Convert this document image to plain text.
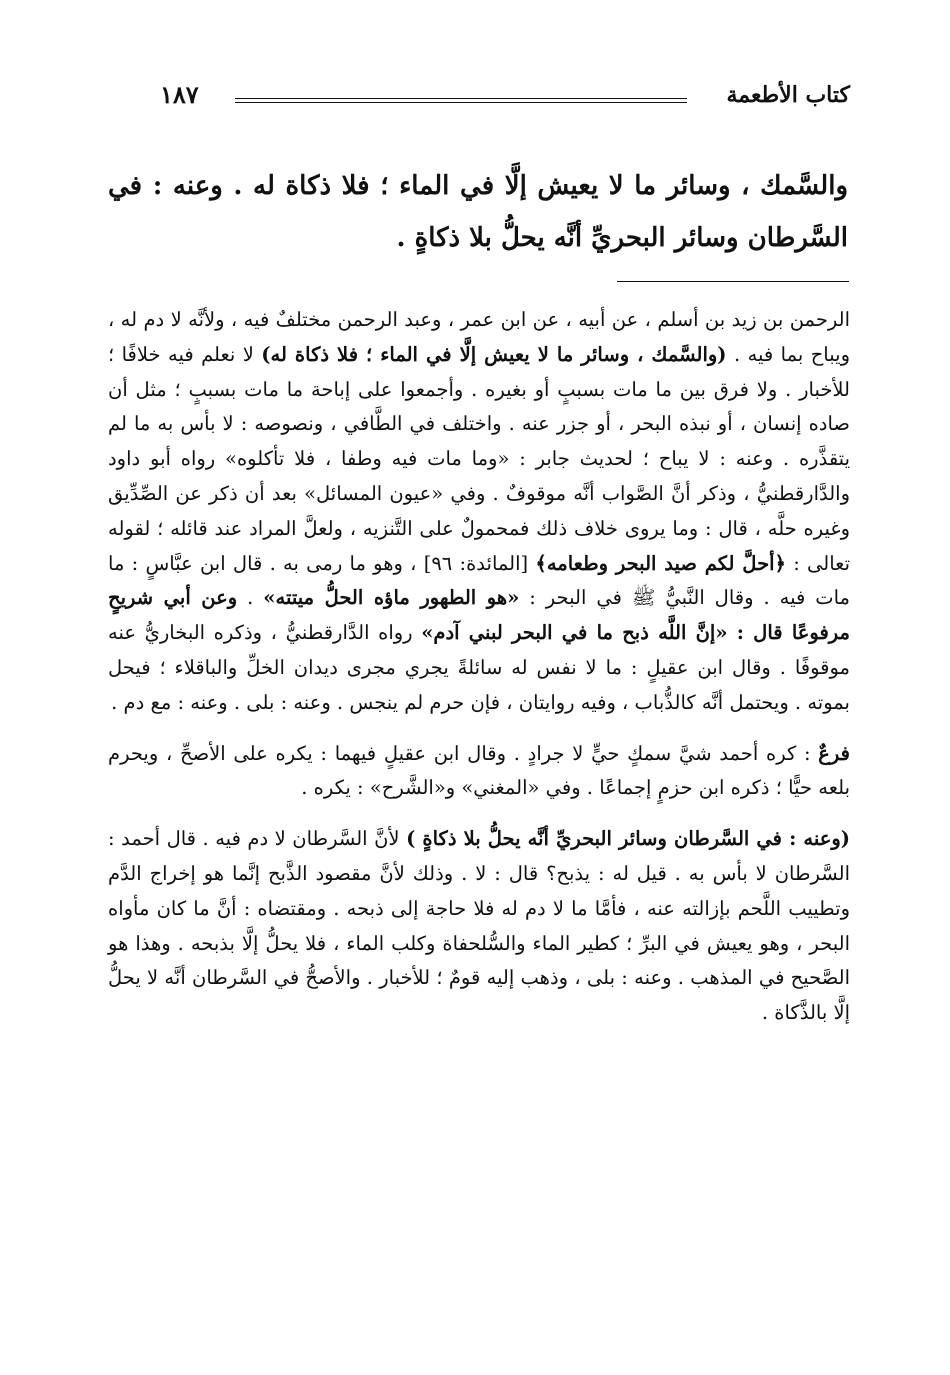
كتاب الأطعمة
١٨٧

والسَّمك ، وسائر ما لا يعيش إلَّا في الماء ؛ فلا ذكاة له . وعنه : في السَّرطان وسائر البحريِّ أنَّه يحلُّ بلا ذكاةٍ .

الرحمن بن زيد بن أسلم ، عن أبيه ، عن ابن عمر ، وعبد الرحمن مختلفٌ فيه ، ولأنَّه لا دم له ، ويباح بما فيه . (والسَّمك ، وسائر ما لا يعيش إلَّا في الماء ؛ فلا ذكاة له) لا نعلم فيه خلافًا ؛ للأخبار . ولا فرق بين ما مات بسببٍ أو بغيره . وأجمعوا على إباحة ما مات بسببٍ ؛ مثل أن صاده إنسان ، أو نبذه البحر ، أو جزر عنه . واختلف في الطَّافي ، ونصوصه : لا بأس به ما لم يتقذَّره . وعنه : لا يباح ؛ لحديث جابر : «وما مات فيه وطفا ، فلا تأكلوه» رواه أبو داود والدَّارقطنيُّ ، وذكر أنَّ الصَّواب أنَّه موقوفٌ . وفي «عيون المسائل» بعد أن ذكر عن الصِّدِّيق وغيره حلَّه ، قال : وما يروى خلاف ذلك فمحمولٌ على التَّنزيه ، ولعلَّ المراد عند قائله ؛ لقوله تعالى : ﴿أحلَّ لكم صيد البحر وطعامه﴾ [المائدة: ٩٦] ، وهو ما رمى به . قال ابن عبَّاسٍ : ما مات فيه . وقال النَّبيُّ ﷺ في البحر : «هو الطهور ماؤه الحلُّ ميتته» . وعن أبي شريحٍ مرفوعًا قال : «إنَّ اللَّه ذبح ما في البحر لبني آدم» رواه الدَّارقطنيُّ ، وذكره البخاريُّ عنه موقوفًا . وقال ابن عقيلٍ : ما لا نفس له سائلةً يجري مجرى ديدان الخلِّ والباقلاء ؛ فيحل بموته . ويحتمل أنَّه كالذُّباب ، وفيه روايتان ، فإن حرم لم ينجس . وعنه : بلى . وعنه : مع دم .

فرعٌ : كره أحمد شيَّ سمكٍ حيٍّ لا جرادٍ . وقال ابن عقيلٍ فيهما : يكره على الأصحِّ ، ويحرم بلعه حيًّا ؛ ذكره ابن حزمٍ إجماعًا . وفي «المغني» و«الشَّرح» : يكره .

(وعنه : في السَّرطان وسائر البحريِّ أنَّه يحلُّ بلا ذكاةٍ ) لأنَّ السَّرطان لا دم فيه . قال أحمد : السَّرطان لا بأس به . قيل له : يذبح؟ قال : لا . وذلك لأنَّ مقصود الذَّبح إنَّما هو إخراج الدَّم وتطييب اللَّحم بإزالته عنه ، فأمَّا ما لا دم له فلا حاجة إلى ذبحه . ومقتضاه : أنَّ ما كان مأواه البحر ، وهو يعيش في البرِّ ؛ كطير الماء والسُّلحفاة وكلب الماء ، فلا يحلُّ إلَّا بذبحه . وهذا هو الصَّحيح في المذهب . وعنه : بلى ، وذهب إليه قومٌ ؛ للأخبار . والأصحُّ في السَّرطان أنَّه لا يحلُّ إلَّا بالذَّكاة .
